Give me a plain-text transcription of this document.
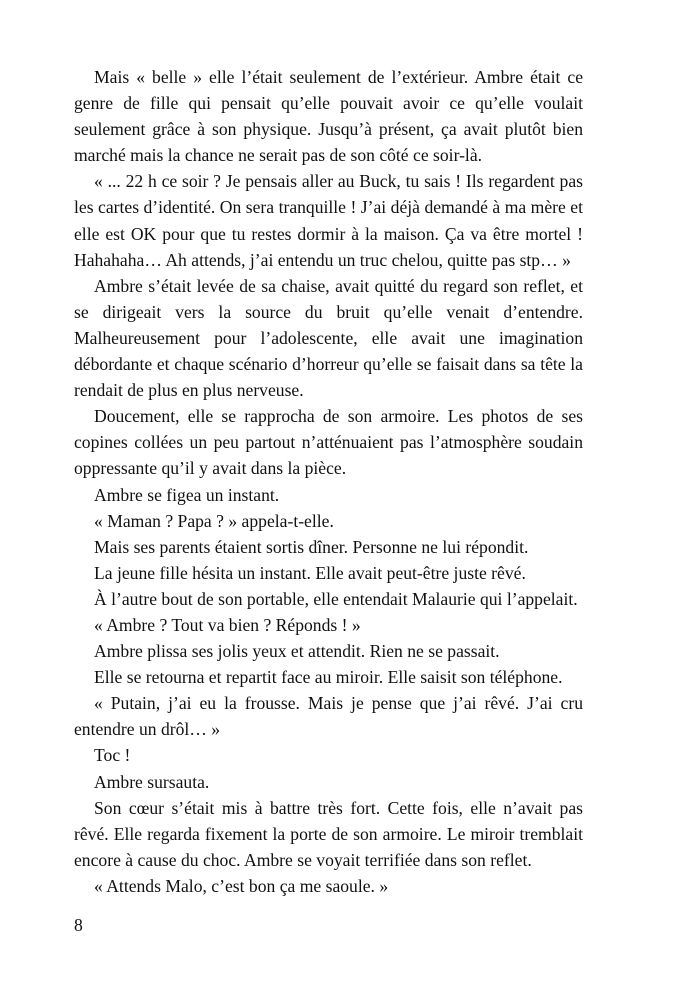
Mais « belle » elle l’était seulement de l’extérieur. Ambre était ce genre de fille qui pensait qu’elle pouvait avoir ce qu’elle voulait seulement grâce à son physique. Jusqu’à présent, ça avait plutôt bien marché mais la chance ne serait pas de son côté ce soir-là.

« ... 22 h ce soir ? Je pensais aller au Buck, tu sais ! Ils regardent pas les cartes d’identité. On sera tranquille ! J’ai déjà demandé à ma mère et elle est OK pour que tu restes dormir à la maison. Ça va être mortel ! Hahahaha… Ah attends, j’ai entendu un truc chelou, quitte pas stp… »

Ambre s’était levée de sa chaise, avait quitté du regard son reflet, et se dirigeait vers la source du bruit qu’elle venait d’entendre. Malheureusement pour l’adolescente, elle avait une imagination débordante et chaque scénario d’horreur qu’elle se faisait dans sa tête la rendait de plus en plus nerveuse.

Doucement, elle se rapprocha de son armoire. Les photos de ses copines collées un peu partout n’atténuaient pas l’atmosphère soudain oppressante qu’il y avait dans la pièce.

Ambre se figea un instant.

« Maman ? Papa ? » appela-t-elle.

Mais ses parents étaient sortis dîner. Personne ne lui répondit.

La jeune fille hésita un instant. Elle avait peut-être juste rêvé.

À l’autre bout de son portable, elle entendait Malaurie qui l’appelait.

« Ambre ? Tout va bien ? Réponds ! »

Ambre plissa ses jolis yeux et attendit. Rien ne se passait.

Elle se retourna et repartit face au miroir. Elle saisit son téléphone.

« Putain, j’ai eu la frousse. Mais je pense que j’ai rêvé. J’ai cru entendre un drôl… »

Toc !

Ambre sursauta.

Son cœur s’était mis à battre très fort. Cette fois, elle n’avait pas rêvé. Elle regarda fixement la porte de son armoire. Le miroir tremblait encore à cause du choc. Ambre se voyait terrifiée dans son reflet.

« Attends Malo, c’est bon ça me saoule. »

8
